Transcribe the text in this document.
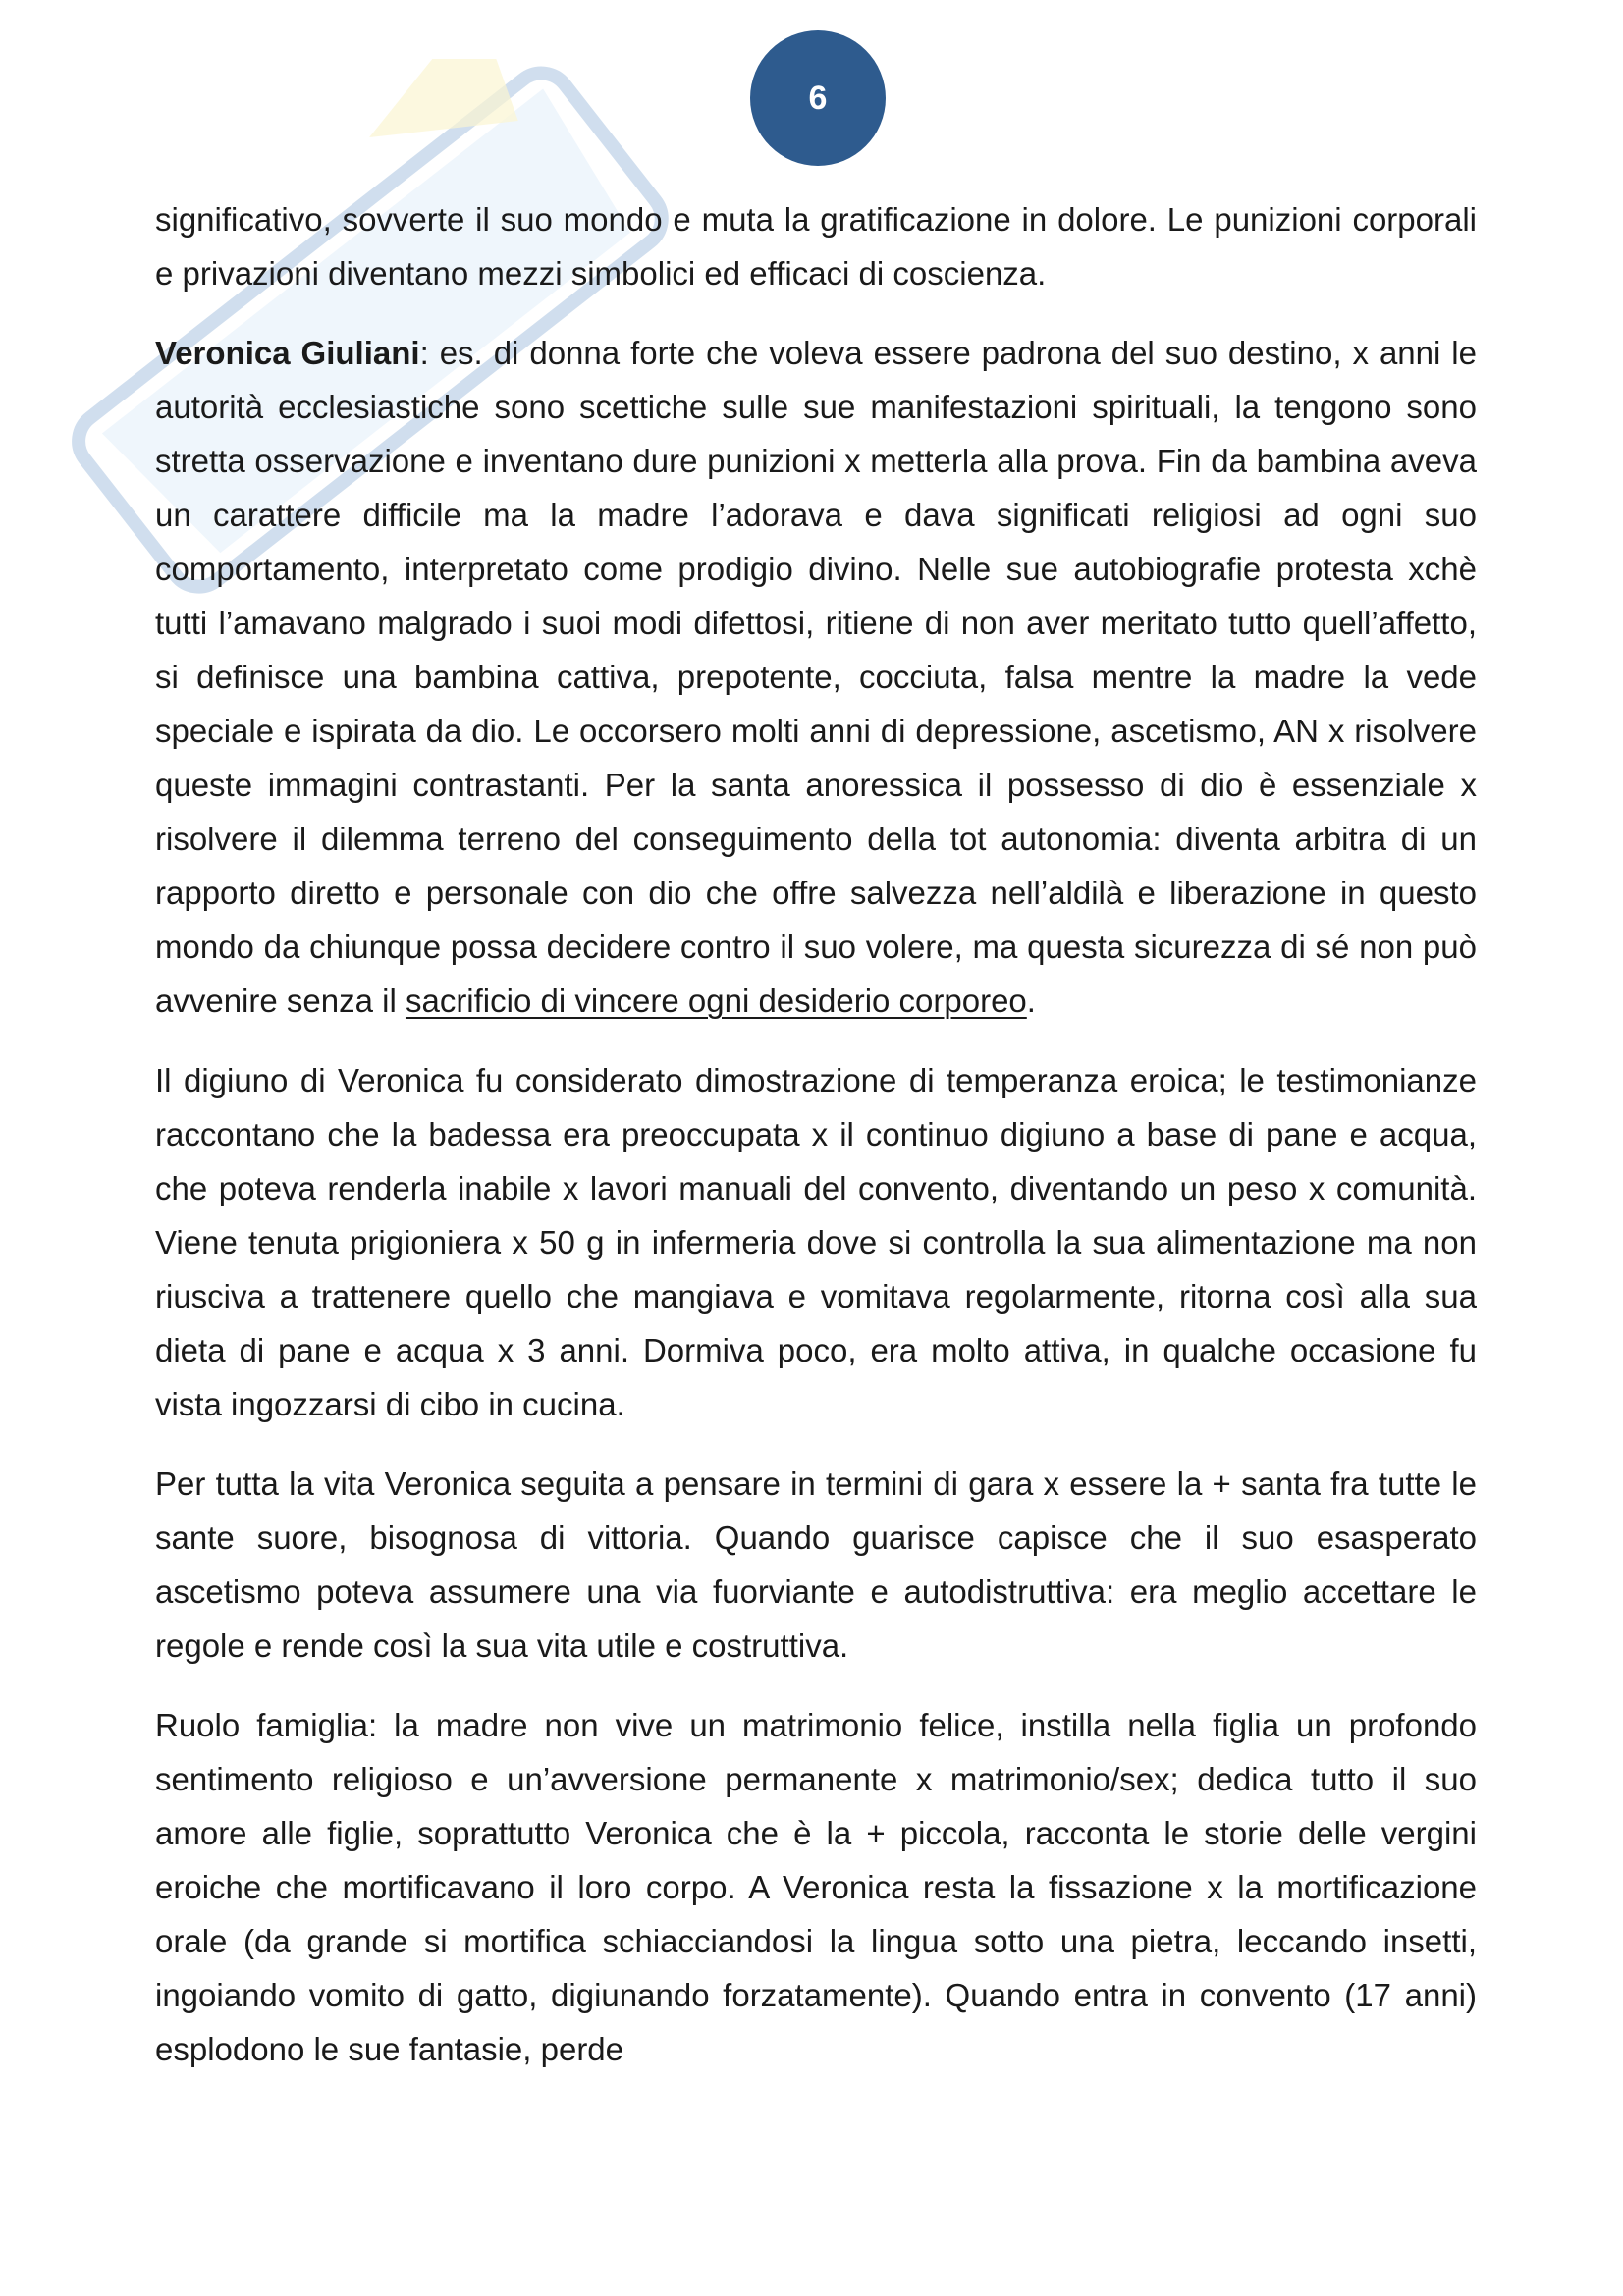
6

significativo, sovverte il suo mondo e muta la gratificazione in dolore. Le punizioni corporali e privazioni diventano mezzi simbolici ed efficaci di coscienza.

Veronica Giuliani: es. di donna forte che voleva essere padrona del suo destino, x anni le autorità ecclesiastiche sono scettiche sulle sue manifestazioni spirituali, la tengono sono stretta osservazione e inventano dure punizioni x metterla alla prova. Fin da bambina aveva un carattere difficile ma la madre l’adorava e dava significati religiosi ad ogni suo comportamento, interpretato come prodigio divino. Nelle sue autobiografie protesta xchè tutti l’amavano malgrado i suoi modi difettosi, ritiene di non aver meritato tutto quell’affetto, si definisce una bambina cattiva, prepotente, cocciuta, falsa mentre la madre la vede speciale e ispirata da dio. Le occorsero molti anni di depressione, ascetismo, AN x risolvere queste immagini contrastanti. Per la santa anoressica il possesso di dio è essenziale x risolvere il dilemma terreno del conseguimento della tot autonomia: diventa arbitra di un rapporto diretto e personale con dio che offre salvezza nell’aldilà e liberazione in questo mondo da chiunque possa decidere contro il suo volere, ma questa sicurezza di sé non può avvenire senza il sacrificio di vincere ogni desiderio corporeo.

Il digiuno di Veronica fu considerato dimostrazione di temperanza eroica; le testimonianze raccontano che la badessa era preoccupata x il continuo digiuno a base di pane e acqua, che poteva renderla inabile x lavori manuali del convento, diventando un peso x comunità. Viene tenuta prigioniera x 50 g in infermeria dove si controlla la sua alimentazione ma non riusciva a trattenere quello che mangiava e vomitava regolarmente, ritorna così alla sua dieta di pane e acqua x 3 anni. Dormiva poco, era molto attiva, in qualche occasione fu vista ingozzarsi di cibo in cucina.

Per tutta la vita Veronica seguita a pensare in termini di gara x essere la + santa fra tutte le sante suore, bisognosa di vittoria. Quando guarisce capisce che il suo esasperato ascetismo poteva assumere una via fuorviante e autodistruttiva: era meglio accettare le regole e rende così la sua vita utile e costruttiva.

Ruolo famiglia: la madre non vive un matrimonio felice, instilla nella figlia un profondo sentimento religioso e un’avversione permanente x matrimonio/sex; dedica tutto il suo amore alle figlie, soprattutto Veronica che è la + piccola, racconta le storie delle vergini eroiche che mortificavano il loro corpo. A Veronica resta la fissazione x la mortificazione orale (da grande si mortifica schiacciandosi la lingua sotto una pietra, leccando insetti, ingoiando vomito di gatto, digiunando forzatamente). Quando entra in convento (17 anni) esplodono le sue fantasie, perde
